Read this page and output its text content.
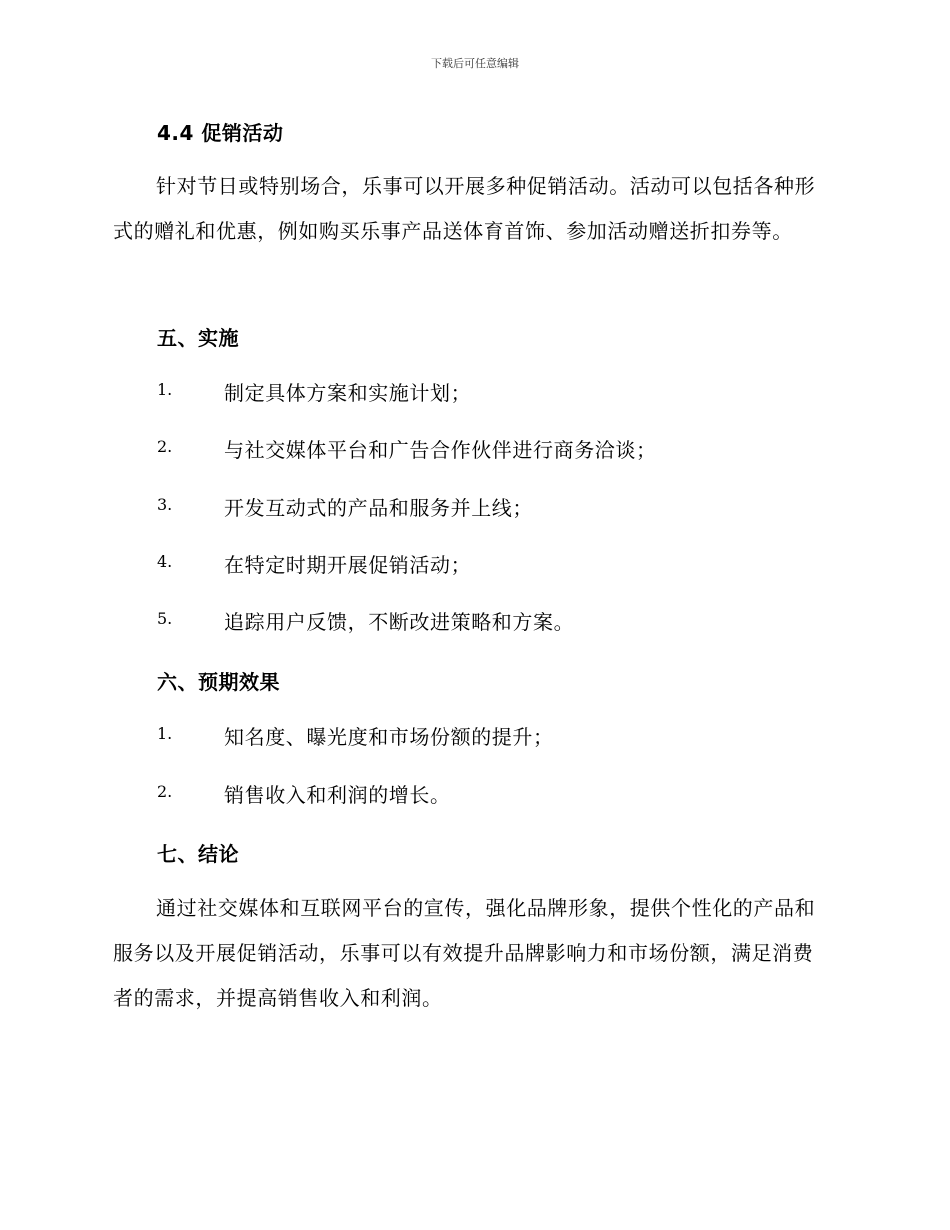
下载后可任意编辑
4.4 促销活动
针对节日或特别场合，乐事可以开展多种促销活动。活动可以包括各种形式的赠礼和优惠，例如购买乐事产品送体育首饰、参加活动赠送折扣券等。
五、实施
1.	制定具体方案和实施计划；
2.	与社交媒体平台和广告合作伙伴进行商务洽谈；
3.	开发互动式的产品和服务并上线；
4.	在特定时期开展促销活动；
5.	追踪用户反馈，不断改进策略和方案。
六、预期效果
1.	知名度、曝光度和市场份额的提升；
2.	销售收入和利润的增长。
七、结论
通过社交媒体和互联网平台的宣传，强化品牌形象，提供个性化的产品和服务以及开展促销活动，乐事可以有效提升品牌影响力和市场份额，满足消费者的需求，并提高销售收入和利润。
